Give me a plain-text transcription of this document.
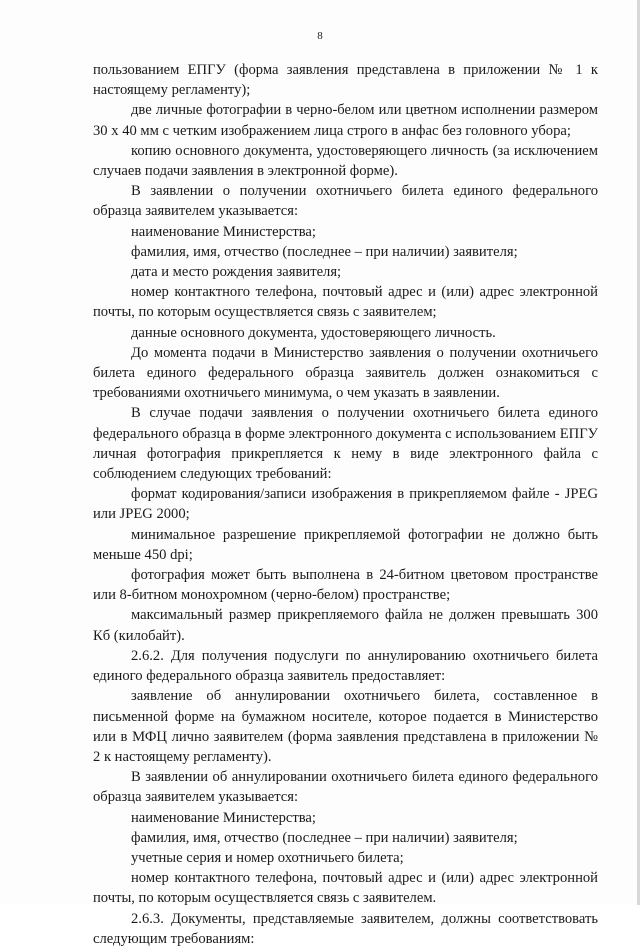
8

пользованием ЕПГУ (форма заявления представлена в приложении № 1 к настоящему регламенту);

две личные фотографии в черно-белом или цветном исполнении размером 30 х 40 мм с четким изображением лица строго в анфас без головного убора;

копию основного документа, удостоверяющего личность (за исключением случаев подачи заявления в электронной форме).

В заявлении о получении охотничьего билета единого федерального образца заявителем указывается:

наименование Министерства;

фамилия, имя, отчество (последнее – при наличии) заявителя;

дата и место рождения заявителя;

номер контактного телефона, почтовый адрес и (или) адрес электронной почты, по которым осуществляется связь с заявителем;

данные основного документа, удостоверяющего личность.

До момента подачи в Министерство заявления о получении охотничьего билета единого федерального образца заявитель должен ознакомиться с требованиями охотничьего минимума, о чем указать в заявлении.

В случае подачи заявления о получении охотничьего билета единого федерального образца в форме электронного документа с использованием ЕПГУ личная фотография прикрепляется к нему в виде электронного файла с соблюдением следующих требований:

формат кодирования/записи изображения в прикрепляемом файле - JPEG или JPEG 2000;

минимальное разрешение прикрепляемой фотографии не должно быть меньше 450 dpi;

фотография может быть выполнена в 24-битном цветовом пространстве или 8-битном монохромном (черно-белом) пространстве;

максимальный размер прикрепляемого файла не должен превышать 300 Кб (килобайт).

2.6.2. Для получения подуслуги по аннулированию охотничьего билета единого федерального образца заявитель предоставляет:

заявление об аннулировании охотничьего билета, составленное в письменной форме на бумажном носителе, которое подается в Министерство или в МФЦ лично заявителем (форма заявления представлена в приложении № 2 к настоящему регламенту).

В заявлении об аннулировании охотничьего билета единого федерального образца заявителем указывается:

наименование Министерства;

фамилия, имя, отчество (последнее – при наличии) заявителя;

учетные серия и номер охотничьего билета;

номер контактного телефона, почтовый адрес и (или) адрес электронной почты, по которым осуществляется связь с заявителем.

2.6.3. Документы, представляемые заявителем, должны соответствовать следующим требованиям:
